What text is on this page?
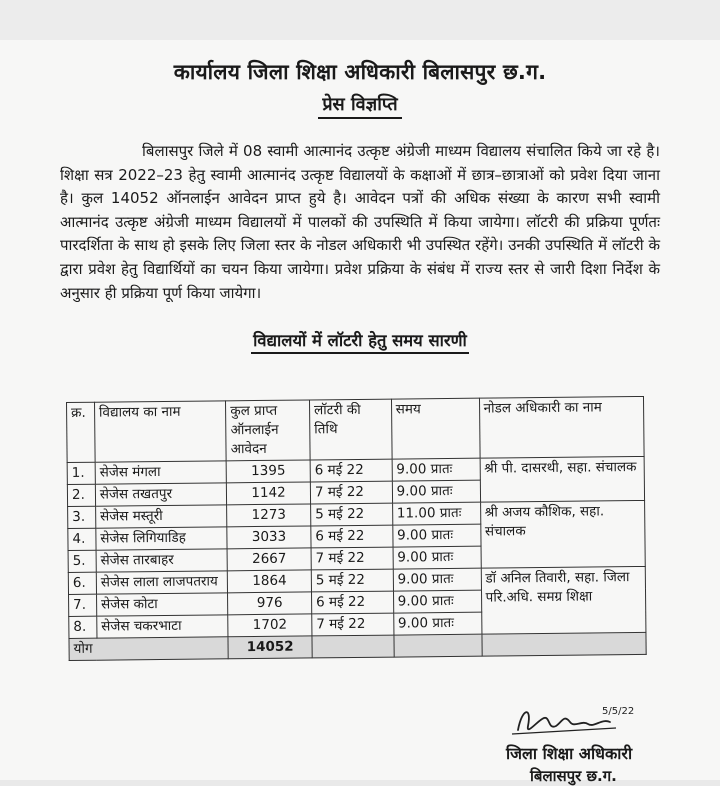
कार्यालय जिला शिक्षा अधिकारी बिलासपुर छ.ग.
प्रेस विज्ञप्ति
बिलासपुर जिले में 08 स्वामी आत्मानंद उत्कृष्ट अंग्रेजी माध्यम विद्यालय संचालित किये जा रहे है। शिक्षा सत्र 2022–23 हेतु स्वामी आत्मानंद उत्कृष्ट विद्यालयों के कक्षाओं में छात्र–छात्राओं को प्रवेश दिया जाना है। कुल 14052 ऑनलाईन आवेदन प्राप्त हुये है। आवेदन पत्रों की अधिक संख्या के कारण सभी स्वामी आत्मानंद उत्कृष्ट अंग्रेजी माध्यम विद्यालयों में पालकों की उपस्थिति में किया जायेगा। लॉटरी की प्रक्रिया पूर्णतः पारदर्शिता के साथ हो इसके लिए जिला स्तर के नोडल अधिकारी भी उपस्थित रहेंगे। उनकी उपस्थिति में लॉटरी के द्वारा प्रवेश हेतु विद्यार्थियों का चयन किया जायेगा। प्रवेश प्रक्रिया के संबंध में राज्य स्तर से जारी दिशा निर्देश के अनुसार ही प्रक्रिया पूर्ण किया जायेगा।
विद्यालयों में लॉटरी हेतु समय सारणी
क्र.	विद्यालय का नाम	कुल प्राप्त ऑनलाईन आवेदन	लॉटरी की तिथि	समय	नोडल अधिकारी का नाम
1.	सेजेस मंगला	1395	6 मई 22	9.00 प्रातः	श्री पी. दासरथी, सहा. संचालक
2.	सेजेस तखतपुर	1142	7 मई 22	9.00 प्रातः	
3.	सेजेस मस्तूरी	1273	5 मई 22	11.00 प्रातः	श्री अजय कौशिक, सहा. संचालक
4.	सेजेस लिगियाडिह	3033	6 मई 22	9.00 प्रातः	
5.	सेजेस तारबाहर	2667	7 मई 22	9.00 प्रातः	
6.	सेजेस लाला लाजपतराय	1864	5 मई 22	9.00 प्रातः	डॉ अनिल तिवारी, सहा. जिला परि.अधि. समग्र शिक्षा
7.	सेजेस कोटा	976	6 मई 22	9.00 प्रातः	
8.	सेजेस चकरभाटा	1702	7 मई 22	9.00 प्रातः	
योग		14052			
5/5/22
जिला शिक्षा अधिकारी
बिलासपुर छ.ग.
